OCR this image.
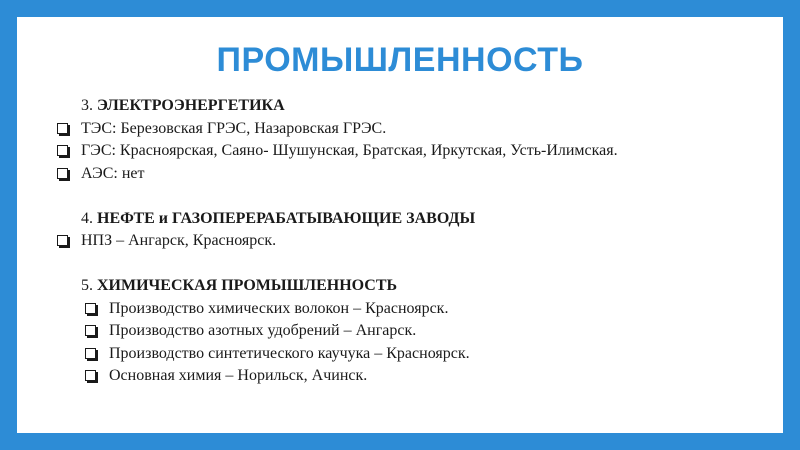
ПРОМЫШЛЕННОСТЬ
3. ЭЛЕКТРОЭНЕРГЕТИКА
ТЭС: Березовская ГРЭС, Назаровская ГРЭС.
ГЭС: Красноярская, Саяно- Шушунская, Братская, Иркутская, Усть-Илимская.
АЭС: нет
4. НЕФТЕ и ГАЗОПЕРЕРАБАТЫВАЮЩИЕ ЗАВОДЫ
НПЗ – Ангарск, Красноярск.
5. ХИМИЧЕСКАЯ ПРОМЫШЛЕННОСТЬ
Производство химических волокон – Красноярск.
Производство азотных удобрений – Ангарск.
Производство синтетического каучука – Красноярск.
Основная химия – Норильск, Ачинск.
